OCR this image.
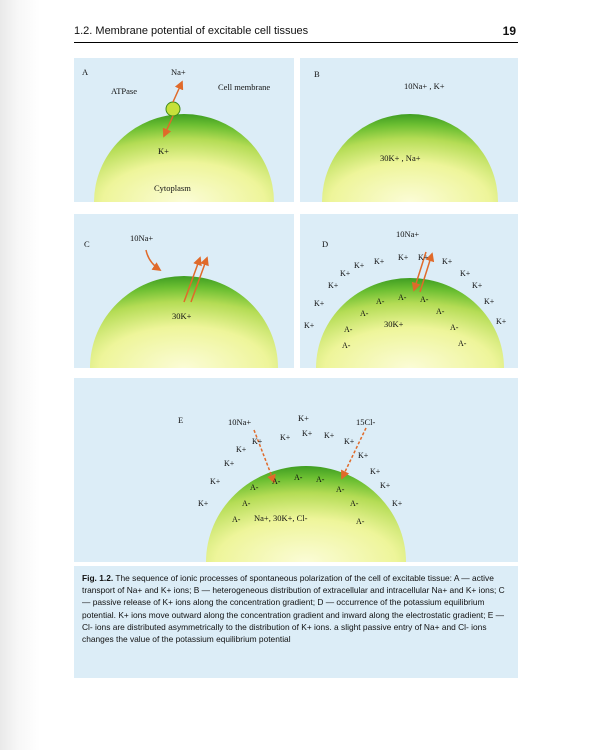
1.2. Membrane potential of excitable cell tissues	19
A	Na+
ATPase	Cell membrane
K+
Cytoplasm
B
10Na+ , K+
30K+ , Na+
C
10Na+
30K+
D
10Na+
30K+
K+
K+
K+
K+
K+ K+ K+ K+ K+
K+
K+
K+
K+
A-
A-
A-
A- A- A-
A-
A-
A-
E	10Na+	K+	15Cl-
Na+, 30K+, Cl-
K+
K+
K+
K+
K+ K+ K+ K+
K+
K+
K+
K+
K+
A-
A-
A-
A- A- A-
A-
A-
A-
Fig. 1.2. The sequence of ionic processes of spontaneous polarization of the cell of excitable tissue: A — active transport of Na+ and K+ ions; B — heterogeneous distribution of extracellular and intracellular Na+ and K+ ions; C — passive release of K+ ions along the concentration gradient; D — occurrence of the potassium equilibrium potential. K+ ions move outward along the concentration gradient and inward along the electrostatic gradient; E — Cl- ions are distributed asymmetrically to the distribution of K+ ions. a slight passive entry of Na+ and Cl- ions changes the value of the potassium equilibrium potential
